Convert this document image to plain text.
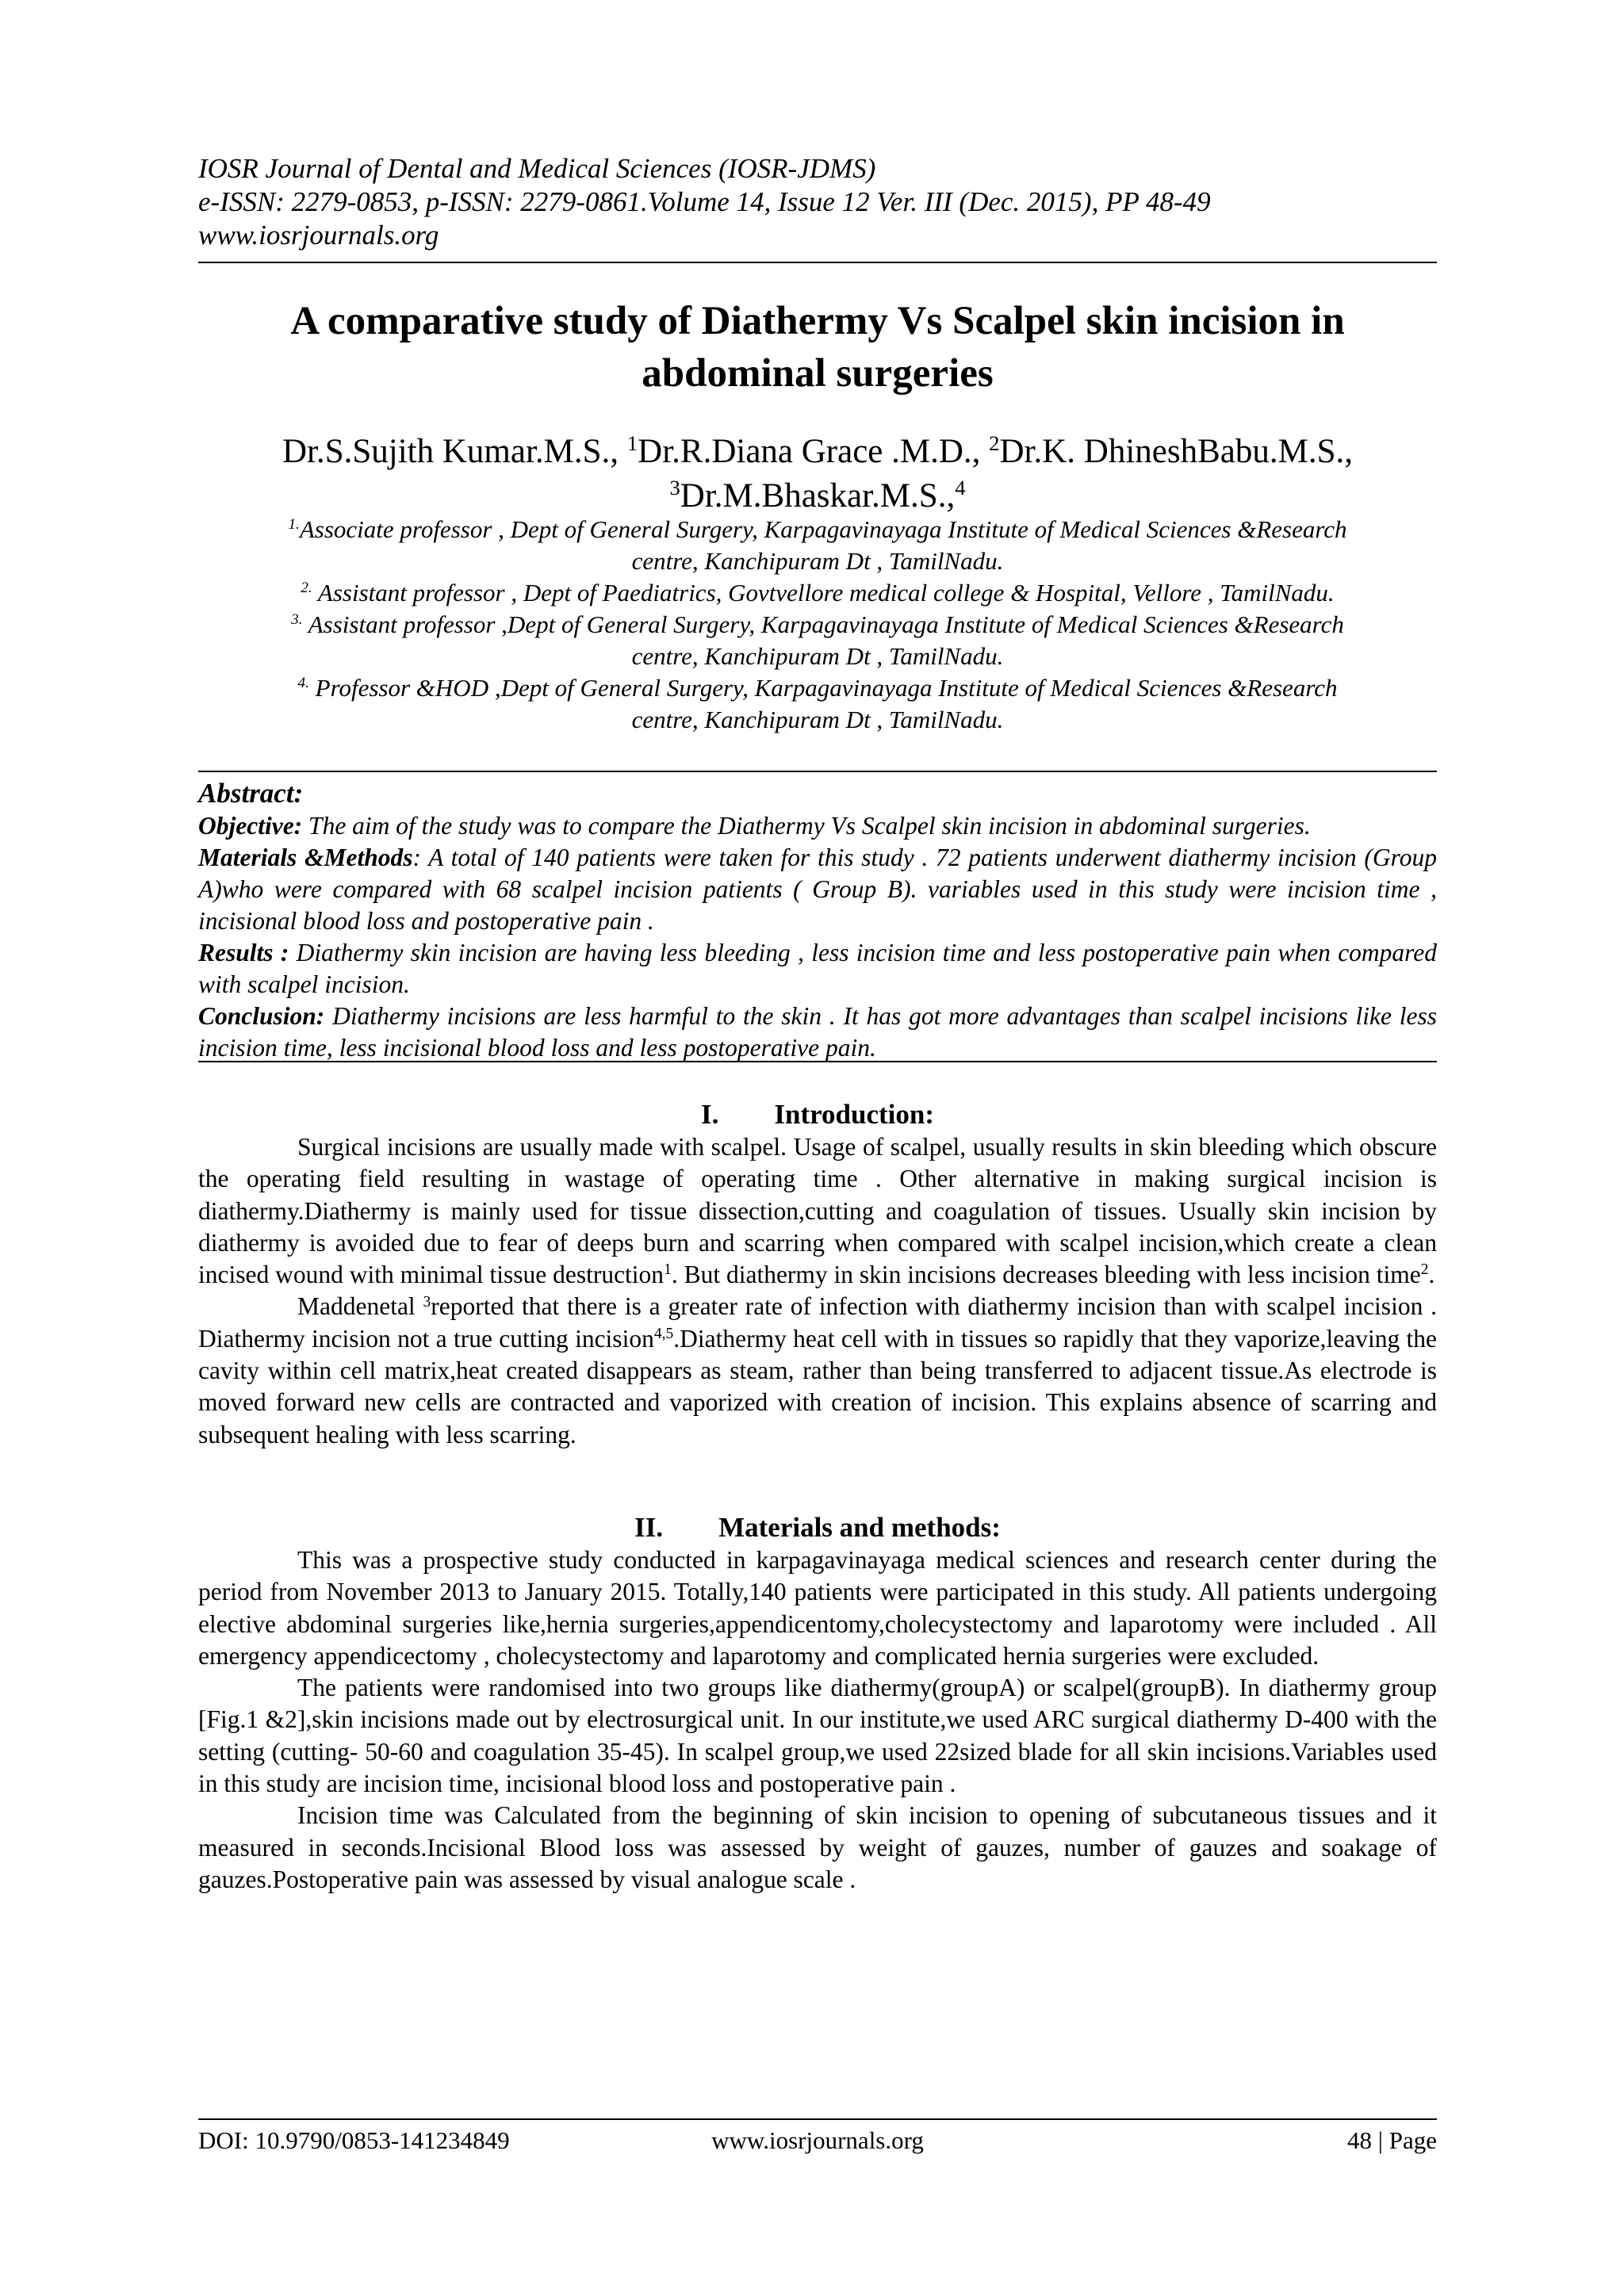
IOSR Journal of Dental and Medical Sciences (IOSR-JDMS)
e-ISSN: 2279-0853, p-ISSN: 2279-0861.Volume 14, Issue 12 Ver. III (Dec. 2015), PP 48-49
www.iosrjournals.org
A comparative study of Diathermy Vs Scalpel skin incision in
abdominal surgeries
Dr.S.Sujith Kumar.M.S., $^1$Dr.R.Diana Grace .M.D., $^2$Dr.K. DhineshBabu.M.S.,
$^3$Dr.M.Bhaskar.M.S.,$^4$

$^{1.}$Associate professor , Dept of General Surgery, Karpagavinayaga Institute of Medical Sciences &Research

centre, Kanchipuram Dt , TamilNadu.

$^{2.}$ Assistant professor , Dept of Paediatrics, Govtvellore medical college & Hospital, Vellore , TamilNadu.

$^{3.}$ Assistant professor ,Dept of General Surgery, Karpagavinayaga Institute of Medical Sciences &Research

centre, Kanchipuram Dt , TamilNadu.

$^{4.}$ Professor &HOD ,Dept of General Surgery, Karpagavinayaga Institute of Medical Sciences &Research

centre, Kanchipuram Dt , TamilNadu.

Abstract:

Objective: The aim of the study was to compare the Diathermy Vs Scalpel skin incision in abdominal surgeries.

Materials &Methods: A total of 140 patients were taken for this study . 72 patients underwent diathermy incision (Group A)who were compared with 68 scalpel incision patients ( Group B). variables used in this study were incision time , incisional blood loss and postoperative pain .

Results : Diathermy skin incision are having less bleeding , less incision time and less postoperative pain when compared with scalpel incision.

Conclusion: Diathermy incisions are less harmful to the skin . It has got more advantages than scalpel incisions like less incision time, less incisional blood loss and less postoperative pain.

I. Introduction:

Surgical incisions are usually made with scalpel. Usage of scalpel, usually results in skin bleeding which obscure the operating field resulting in wastage of operating time . Other alternative in making surgical incision is diathermy.Diathermy is mainly used for tissue dissection,cutting and coagulation of tissues. Usually skin incision by diathermy is avoided due to fear of deeps burn and scarring when compared with scalpel incision,which create a clean incised wound with minimal tissue destruction$^1$. But diathermy in skin incisions decreases bleeding with less incision time$^2$.

Maddenetal $^3$reported that there is a greater rate of infection with diathermy incision than with scalpel incision . Diathermy incision not a true cutting incision$^{4,5}$.Diathermy heat cell with in tissues so rapidly that they vaporize,leaving the cavity within cell matrix,heat created disappears as steam, rather than being transferred to adjacent tissue.As electrode is moved forward new cells are contracted and vaporized with creation of incision. This explains absence of scarring and subsequent healing with less scarring.

II. Materials and methods:

This was a prospective study conducted in karpagavinayaga medical sciences and research center during the period from November 2013 to January 2015. Totally,140 patients were participated in this study. All patients undergoing elective abdominal surgeries like,hernia surgeries,appendicentomy,cholecystectomy and laparotomy were included . All emergency appendicectomy , cholecystectomy and laparotomy and complicated hernia surgeries were excluded.

The patients were randomised into two groups like diathermy(groupA) or scalpel(groupB). In diathermy group [Fig.1 &2],skin incisions made out by electrosurgical unit. In our institute,we used ARC surgical diathermy D-400 with the setting (cutting- 50-60 and coagulation 35-45). In scalpel group,we used 22sized blade for all skin incisions.Variables used in this study are incision time, incisional blood loss and postoperative pain .

Incision time was Calculated from the beginning of skin incision to opening of subcutaneous tissues and it measured in seconds.Incisional Blood loss was assessed by weight of gauzes, number of gauzes and soakage of gauzes.Postoperative pain was assessed by visual analogue scale .

DOI: 10.9790/0853-141234849	www.iosrjournals.org	48 | Page
